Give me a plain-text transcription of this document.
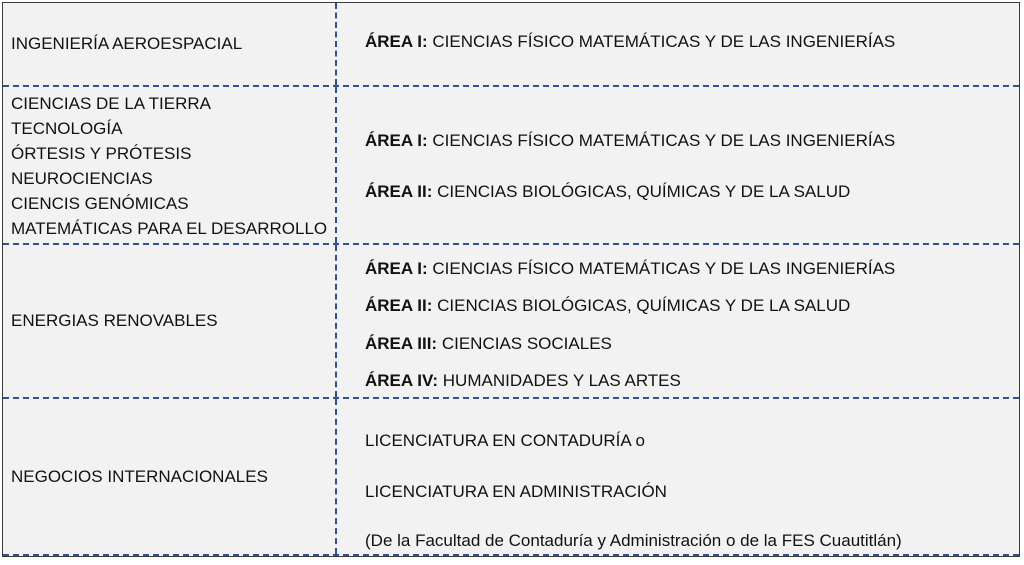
INGENIERÍA AEROESPACIAL	ÁREA I: CIENCIAS FÍSICO MATEMÁTICAS Y DE LAS INGENIERÍAS
CIENCIAS DE LA TIERRA
TECNOLOGÍA
ÓRTESIS Y PRÓTESIS
NEUROCIENCIAS
CIENCIS GENÓMICAS
MATEMÁTICAS PARA EL DESARROLLO
ÁREA I: CIENCIAS FÍSICO MATEMÁTICAS Y DE LAS INGENIERÍAS
ÁREA II: CIENCIAS BIOLÓGICAS, QUÍMICAS Y DE LA SALUD
ENERGIAS RENOVABLES
ÁREA I: CIENCIAS FÍSICO MATEMÁTICAS Y DE LAS INGENIERÍAS
ÁREA II: CIENCIAS BIOLÓGICAS, QUÍMICAS Y DE LA SALUD
ÁREA III: CIENCIAS SOCIALES
ÁREA IV: HUMANIDADES Y LAS ARTES
NEGOCIOS INTERNACIONALES
LICENCIATURA EN CONTADURÍA o
LICENCIATURA EN ADMINISTRACIÓN
(De la Facultad de Contaduría y Administración o de la FES Cuautitlán)
